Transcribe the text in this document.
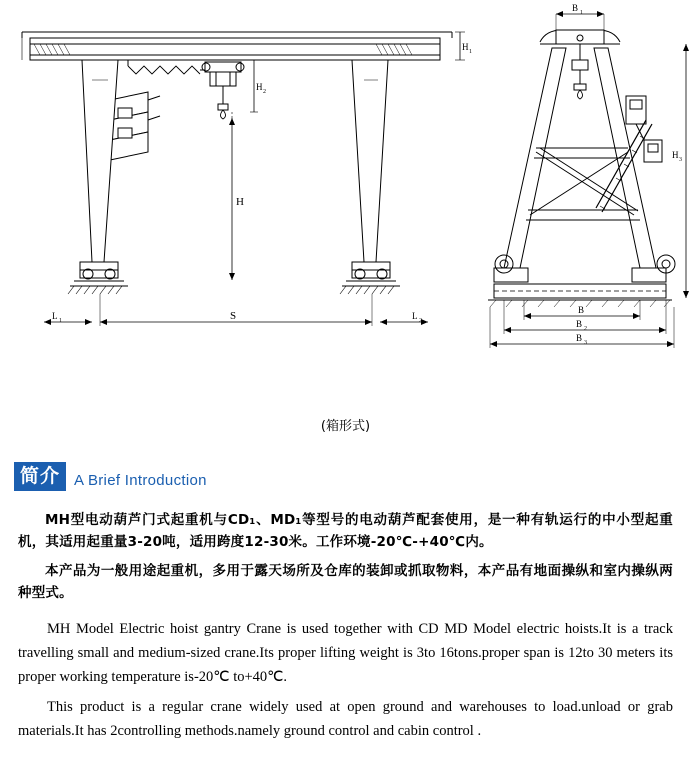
H 1
H 2
H
S
L 1	L 2
B 1
H 3
B
B 2
B 3
(箱形式)
简介 A Brief Introduction

MH型电动葫芦门式起重机与CD₁、MD₁等型号的电动葫芦配套使用，是一种有轨运行的中小型起重机，其适用起重量3-20吨，适用跨度12-30米。工作环境-20℃-+40℃内。

本产品为一般用途起重机，多用于露天场所及仓库的装卸或抓取物料，本产品有地面操纵和室内操纵两种型式。

MH Model Electric hoist gantry Crane is used together with CD MD Model electric hoists.It is a track travelling small and medium-sized crane.Its proper lifting weight is 3to 16tons.proper span is 12to 30 meters its proper working temperature is-20℃ to+40℃.

This product is a regular crane widely used at open ground and warehouses to load.unload or grab materials.It has 2controlling methods.namely ground control and cabin control .
